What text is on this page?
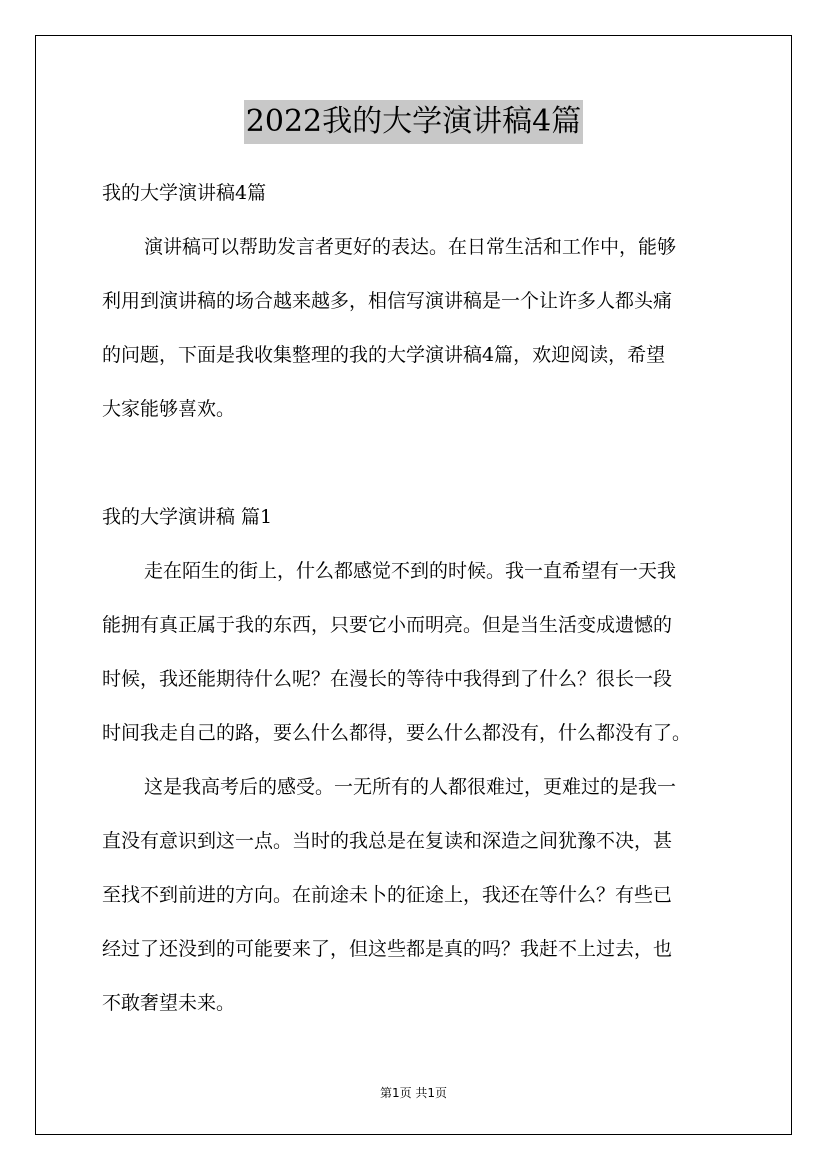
2022我的大学演讲稿4篇
我的大学演讲稿4篇
演讲稿可以帮助发言者更好的表达。在日常生活和工作中，能够
利用到演讲稿的场合越来越多，相信写演讲稿是一个让许多人都头痛
的问题，下面是我收集整理的我的大学演讲稿4篇，欢迎阅读，希望
大家能够喜欢。
我的大学演讲稿 篇1
走在陌生的街上，什么都感觉不到的时候。我一直希望有一天我
能拥有真正属于我的东西，只要它小而明亮。但是当生活变成遗憾的
时候，我还能期待什么呢？在漫长的等待中我得到了什么？很长一段
时间我走自己的路，要么什么都得，要么什么都没有，什么都没有了。
这是我高考后的感受。一无所有的人都很难过，更难过的是我一
直没有意识到这一点。当时的我总是在复读和深造之间犹豫不决，甚
至找不到前进的方向。在前途未卜的征途上，我还在等什么？有些已
经过了还没到的可能要来了，但这些都是真的吗？我赶不上过去，也
不敢奢望未来。
第1页 共1页
